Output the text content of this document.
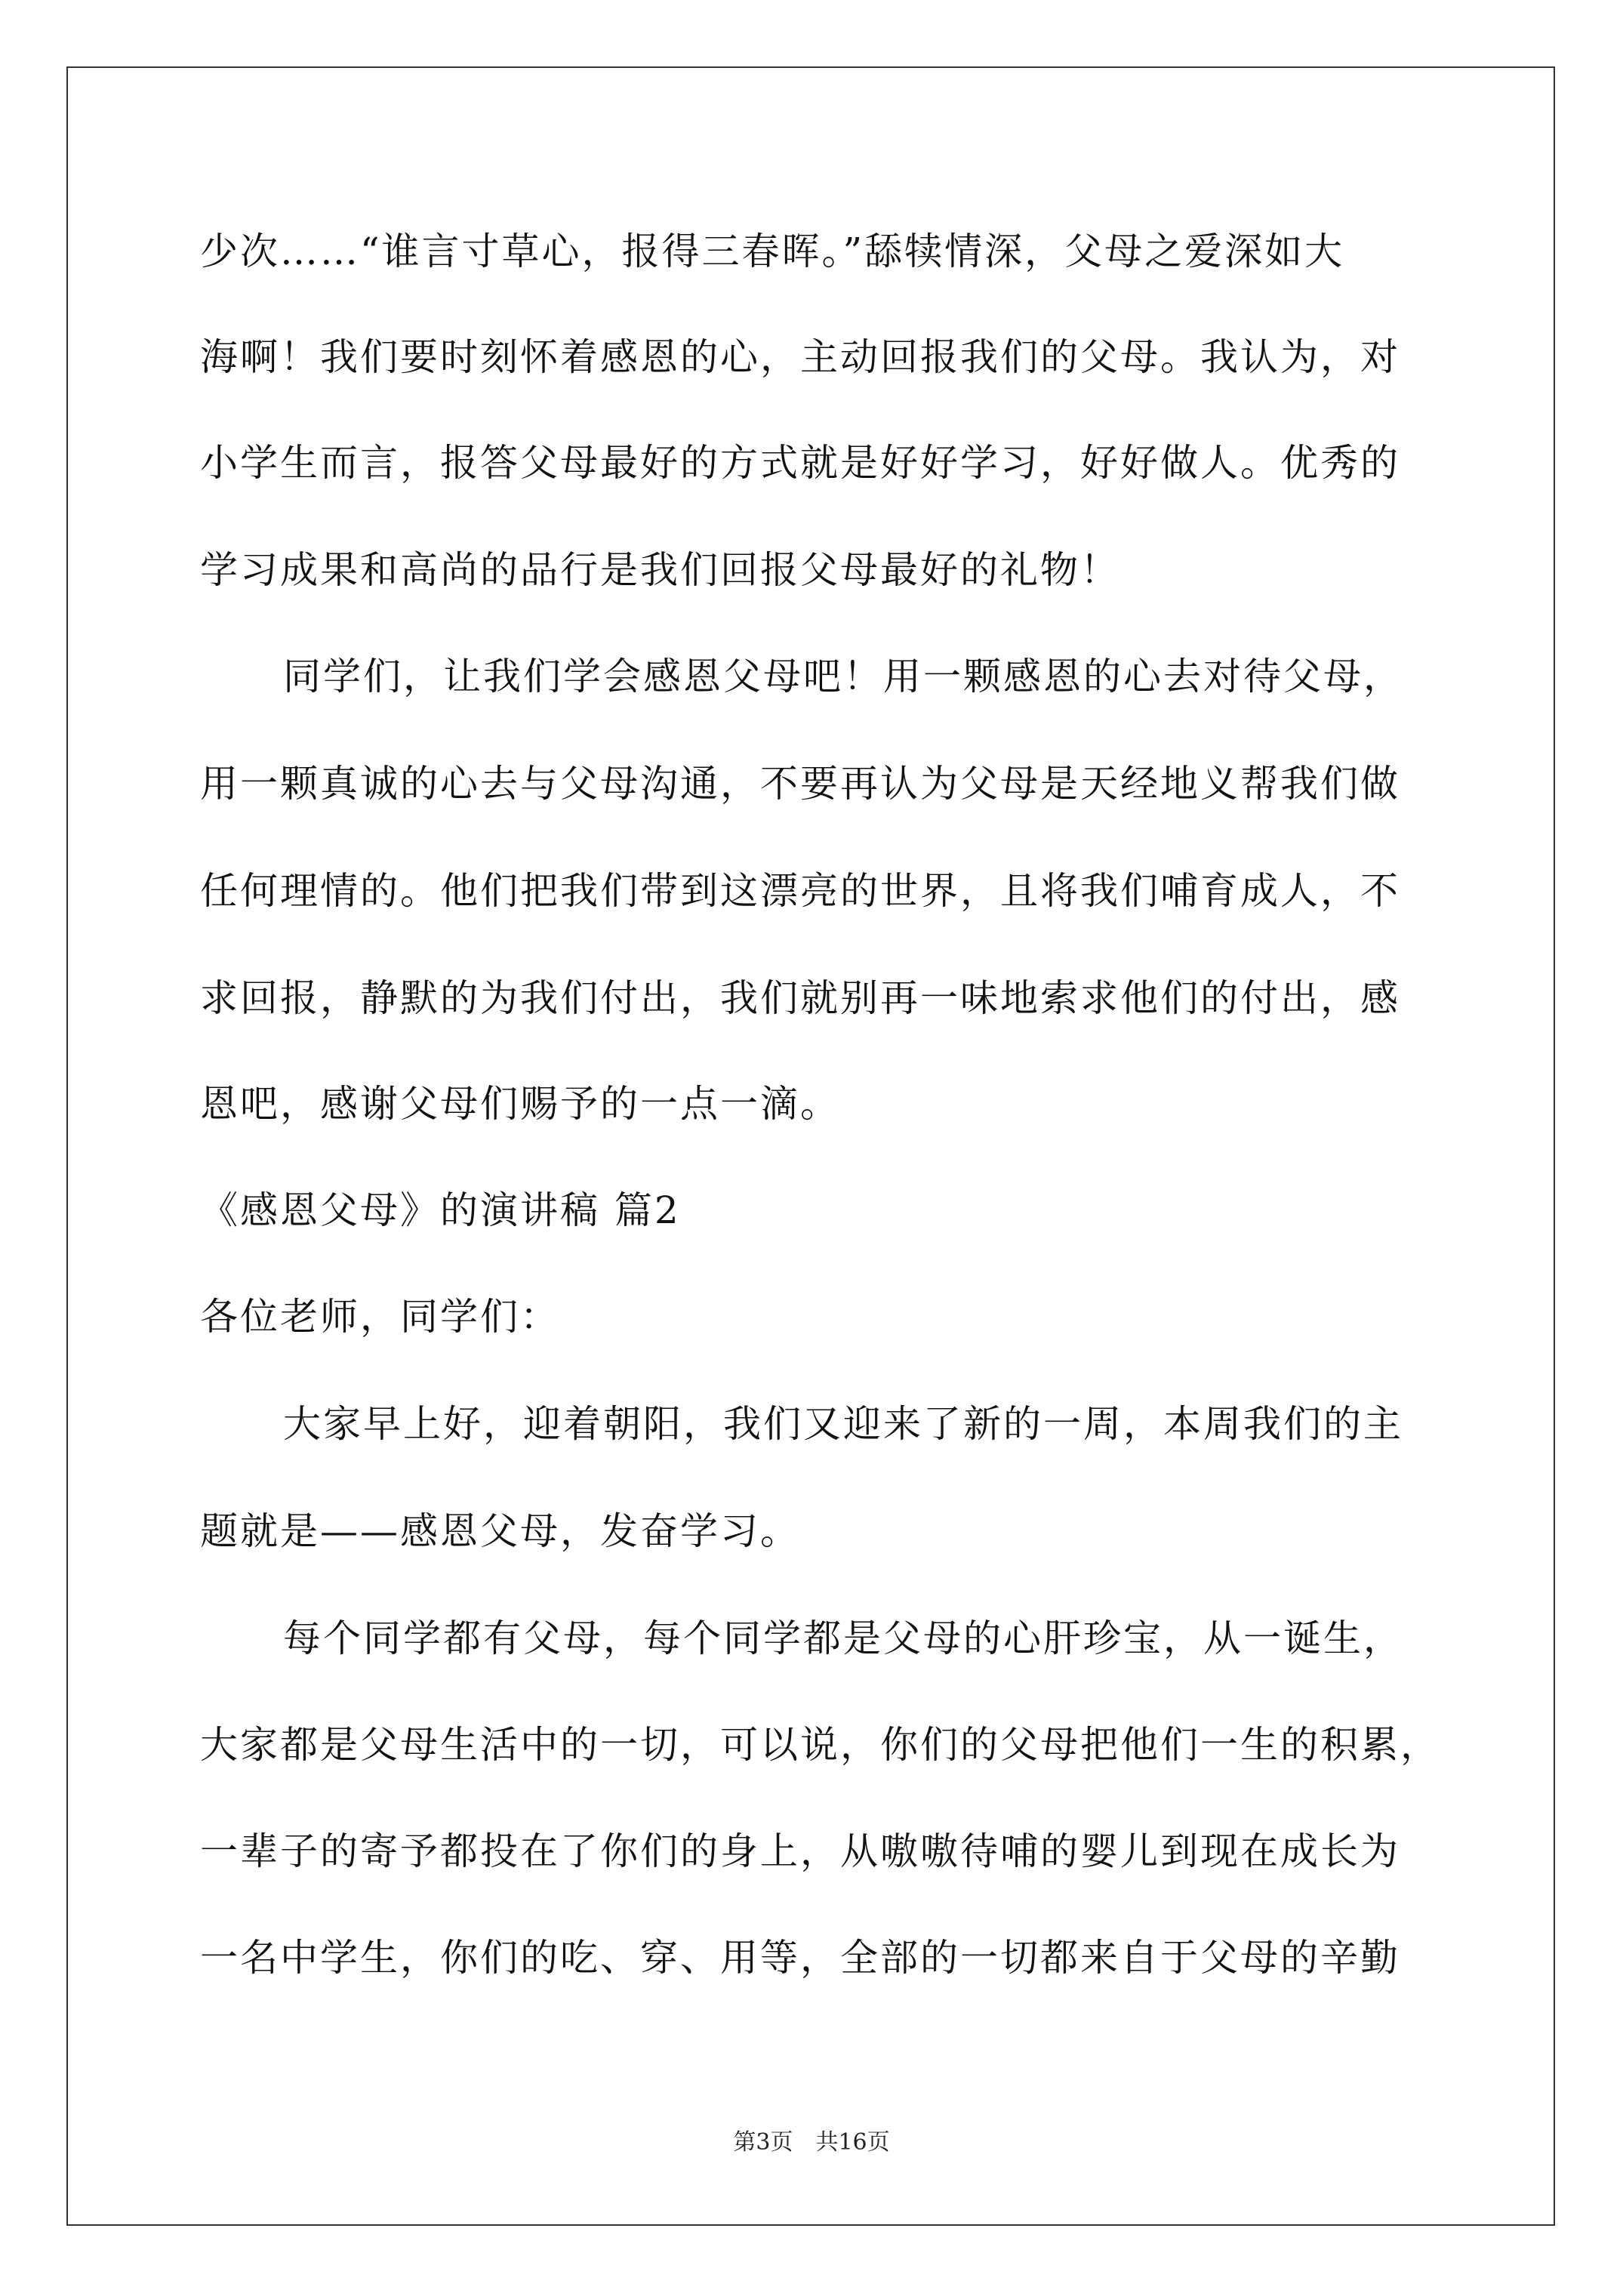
少次……“谁言寸草心，报得三春晖。”舔犊情深，父母之爱深如大
海啊！我们要时刻怀着感恩的心，主动回报我们的父母。我认为，对
小学生而言，报答父母最好的方式就是好好学习，好好做人。优秀的
学习成果和高尚的品行是我们回报父母最好的礼物！
同学们，让我们学会感恩父母吧！用一颗感恩的心去对待父母，
用一颗真诚的心去与父母沟通，不要再认为父母是天经地义帮我们做
任何理情的。他们把我们带到这漂亮的世界，且将我们哺育成人，不
求回报，静默的为我们付出，我们就别再一味地索求他们的付出，感
恩吧，感谢父母们赐予的一点一滴。
《感恩父母》的演讲稿 篇2
各位老师，同学们：
大家早上好，迎着朝阳，我们又迎来了新的一周，本周我们的主
题就是——感恩父母，发奋学习。
每个同学都有父母，每个同学都是父母的心肝珍宝，从一诞生，
大家都是父母生活中的一切，可以说，你们的父母把他们一生的积累，
一辈子的寄予都投在了你们的身上，从嗷嗷待哺的婴儿到现在成长为
一名中学生，你们的吃、穿、用等，全部的一切都来自于父母的辛勤
第3页　共16页
